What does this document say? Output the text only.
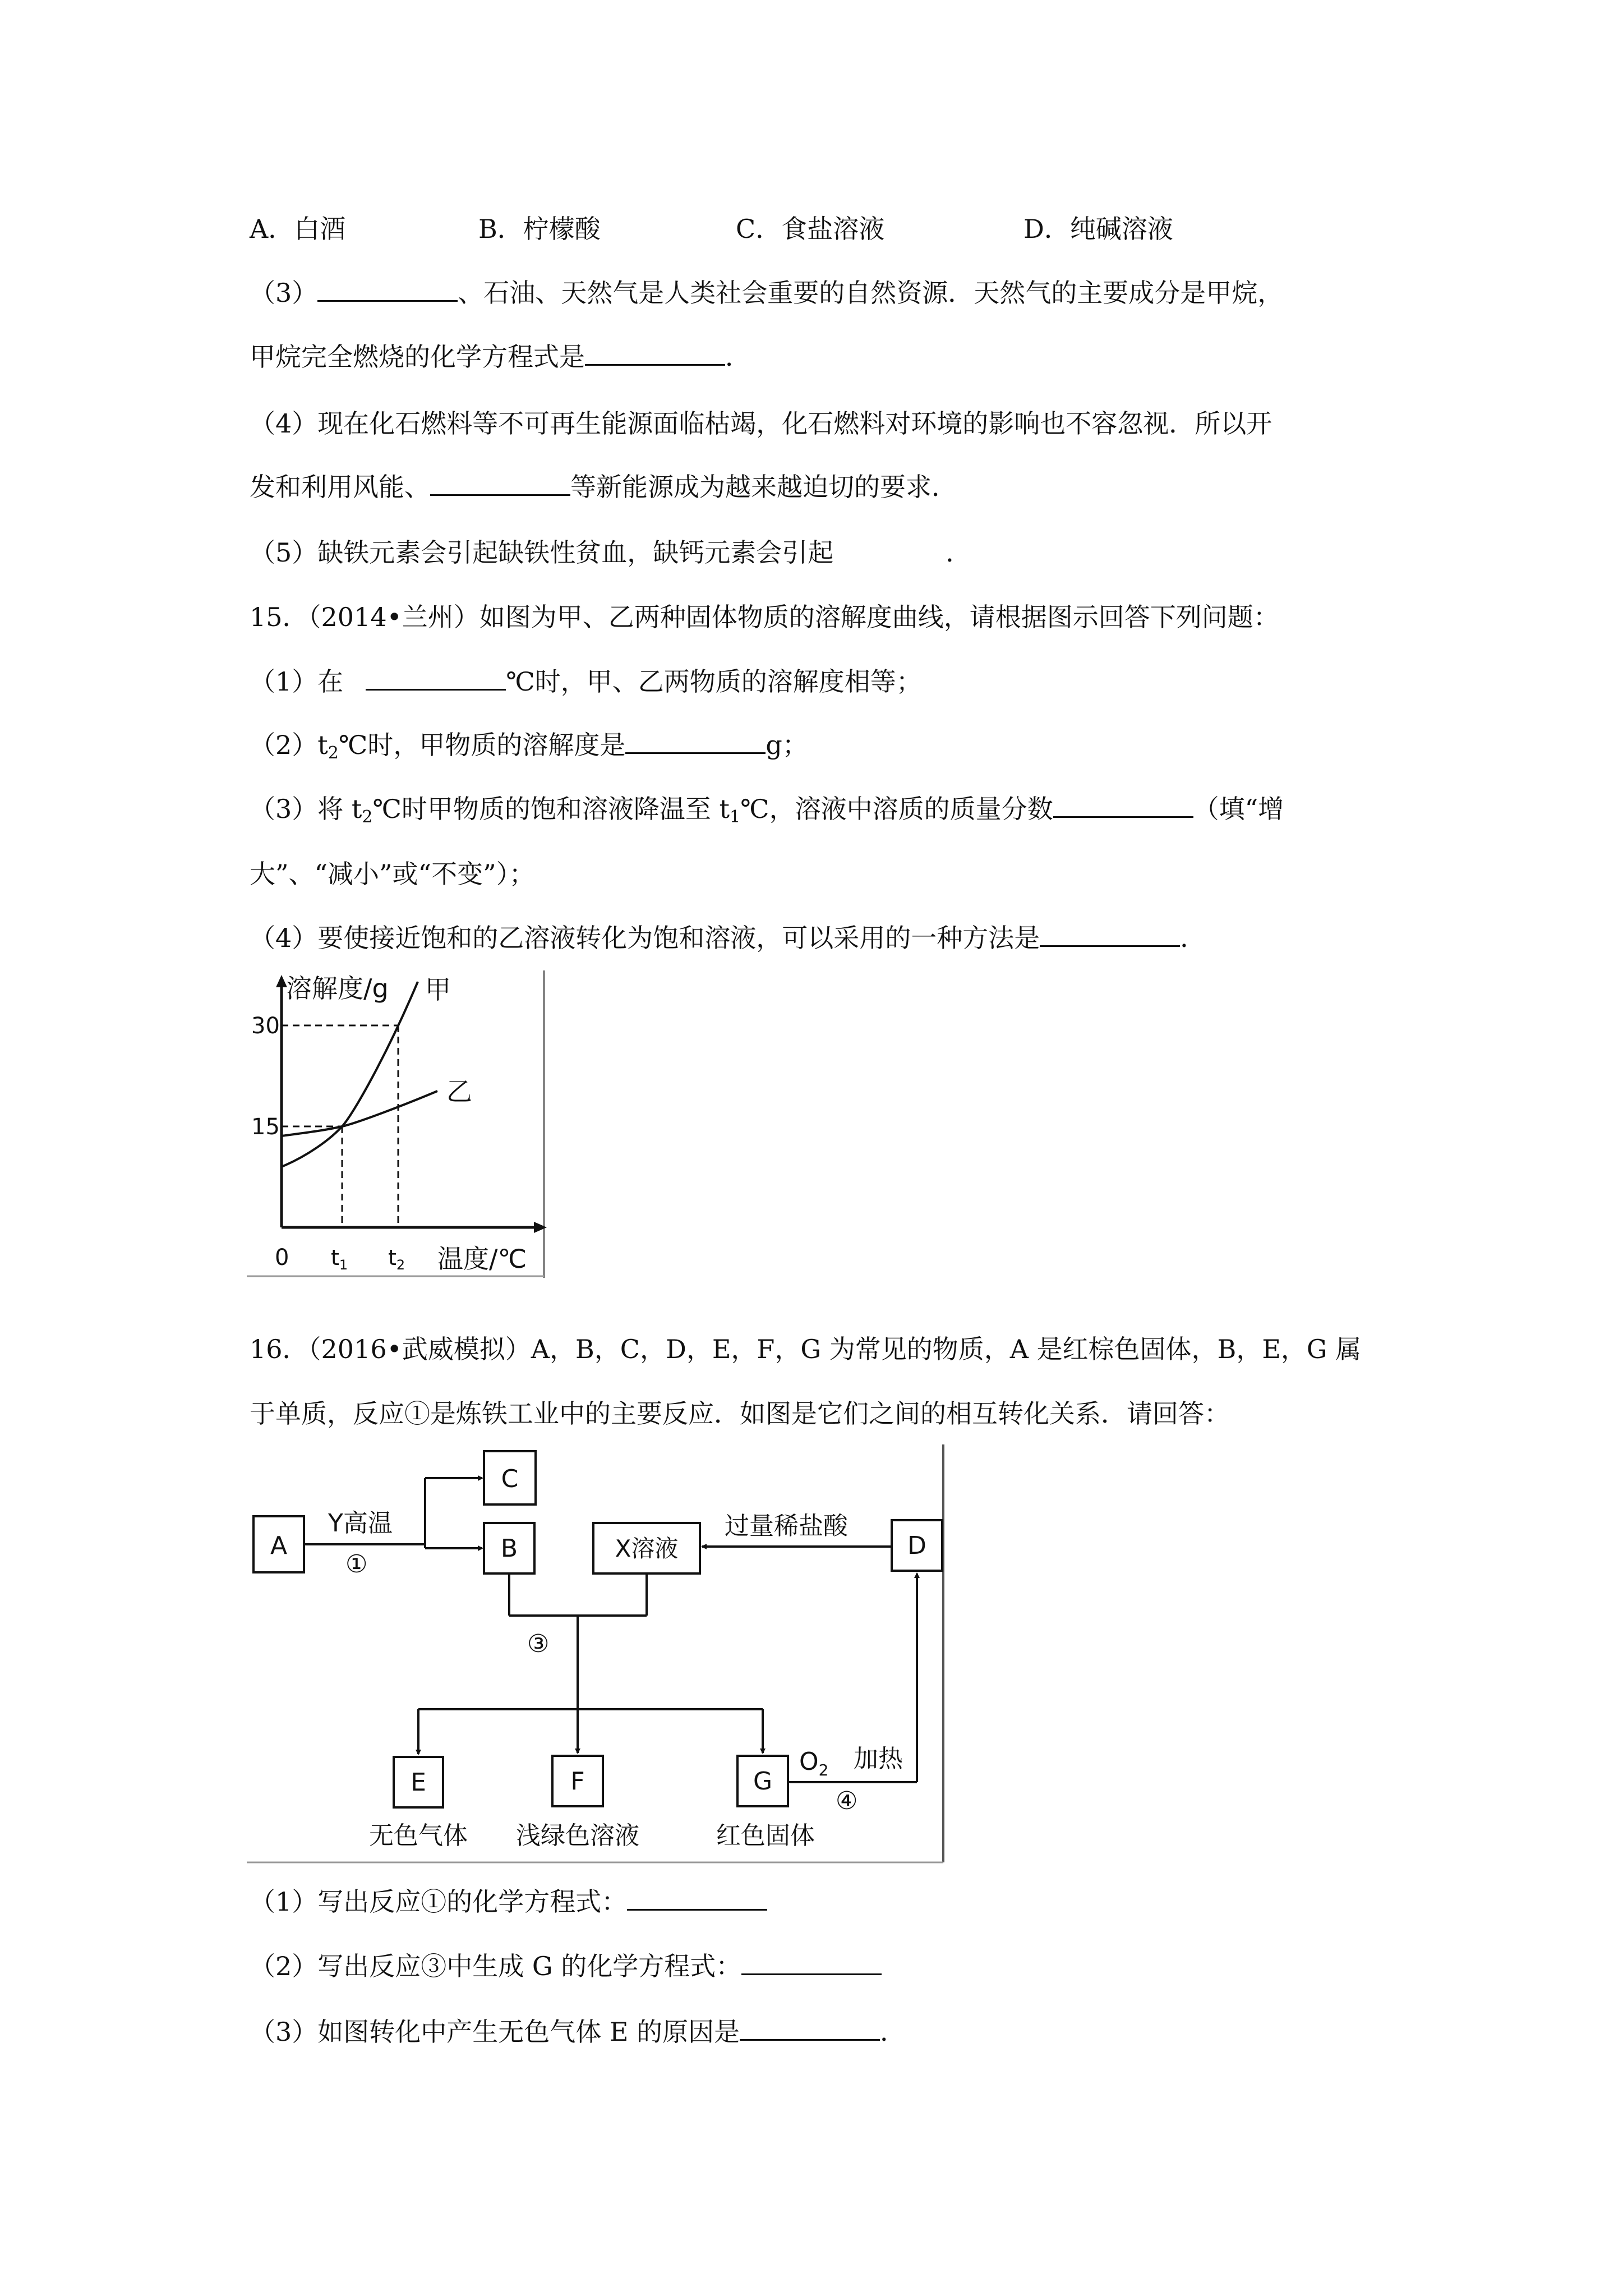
A．白酒	B．柠檬酸	C．食盐溶液	D．纯碱溶液

（3）	、石油、天然气是人类社会重要的自然资源．天然气的主要成分是甲烷，

甲烷完全燃烧的化学方程式是	．

（4）现在化石燃料等不可再生能源面临枯竭，化石燃料对环境的影响也不容忽视．所以开

发和利用风能、	等新能源成为越来越迫切的要求．

（5）缺铁元素会引起缺铁性贫血，缺钙元素会引起	．

15．（2014•兰州）如图为甲、乙两种固体物质的溶解度曲线，请根据图示回答下列问题：

（1）在	℃时，甲、乙两物质的溶解度相等；

$(2)t_2℃$时，甲物质的溶解度是	g；

（3）将 $t_2℃$时甲物质的饱和溶液降温至 $t_1℃$，溶液中溶质的质量分数	（填“增

大”、“减小”或“不变”）；

（4）要使接近饱和的乙溶液转化为饱和溶液，可以采用的一种方法是	．

溶解度/g 甲
乙
30
15
0 $t_1$ $t_2$ 温度/℃

16．（2016•武威模拟）A，B，C，D，E，F，G 为常见的物质，A 是红棕色固体，B，E，G 属

于单质，反应①是炼铁工业中的主要反应．如图是它们之间的相互转化关系．请回答：

A
C
B	X溶液	D
E	F	G
Y高温
①
过量稀盐酸
③
$O_2$ 加热
④
无色气体 浅绿色溶液	红色固体

（1）写出反应①的化学方程式：

（2）写出反应③中生成 G 的化学方程式：

（3）如图转化中产生无色气体 E 的原因是	．
